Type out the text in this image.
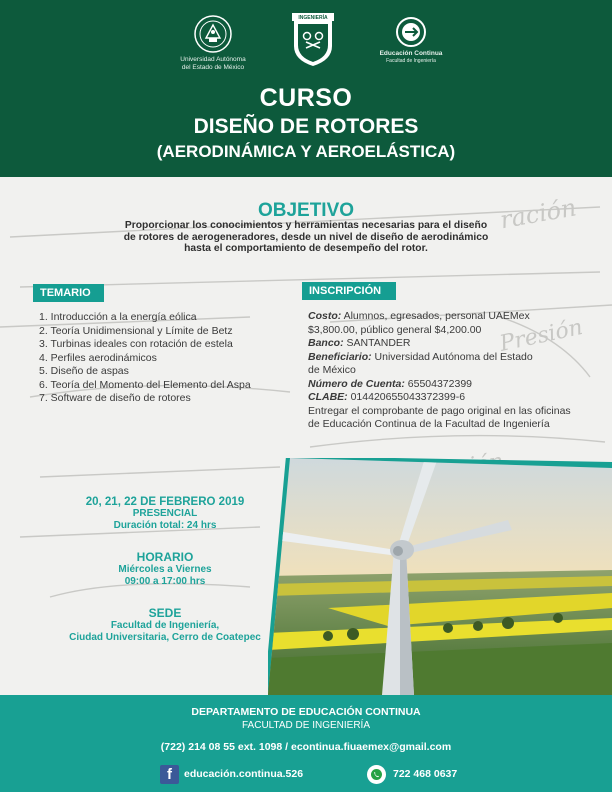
Universidad Autónoma
del Estado de México
INGENIERÍA
Educación Continua
Facultad de Ingeniería
CURSO
DISEÑO DE ROTORES
(AERODINÁMICA Y AEROELÁSTICA)
ración
Presión
OBJETIVO
Proporcionar los conocimientos y herramientas necesarias para el diseño
de rotores de aerogeneradores, desde un nivel de diseño de aerodinámico
hasta el comportamiento de desempeño del rotor.
TEMARIO
1. Introducción a la energía eólica
2. Teoría Unidimensional y Límite de Betz
3. Turbinas ideales con rotación de estela
4. Perfiles aerodinámicos
5. Diseño de aspas
6. Teoría del Momento del Elemento del Aspa
7. Software de diseño de rotores
INSCRIPCIÓN
Costo: Alumnos, egresados, personal UAEMex
$3,800.00, público general $4,200.00
Banco: SANTANDER
Beneficiario: Universidad Autónoma del Estado
de México
Número de Cuenta: 65504372399
CLABE: 014420655043372399-6
Entregar el comprobante de pago original en las oficinas
de Educación Continua de la Facultad de Ingeniería
20, 21, 22 DE FEBRERO 2019
PRESENCIAL
Duración total: 24 hrs
HORARIO
Miércoles a Viernes
09:00 a 17:00 hrs
SEDE
Facultad de Ingeniería,
Ciudad Universitaria, Cerro de Coatepec
DEPARTAMENTO DE EDUCACIÓN CONTINUA
FACULTAD DE INGENIERÍA
(722) 214 08 55 ext. 1098 / econtinua.fiuaemex@gmail.com
f	educación.continua.526	722 468 0637
